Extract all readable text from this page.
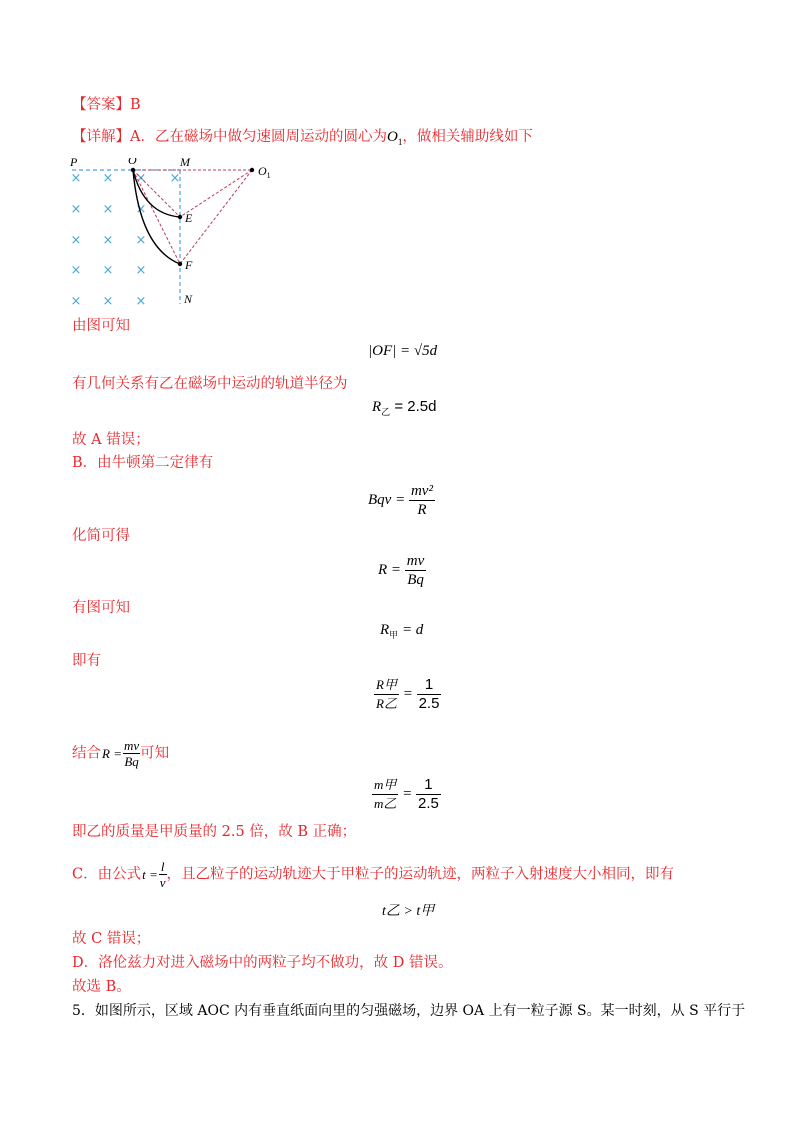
【答案】B
【详解】A．乙在磁场中做匀速圆周运动的圆心为$O_1$，做相关辅助线如下
× × × ×
× × ×
× × ×
× × ×
× × ×
P	O	M
$O_1$
E
F
N
由图可知
|OF| = √5d
有几何关系有乙在磁场中运动的轨道半径为
$R_乙 = 2.5d$
故 A 错误；
B．由牛顿第二定律有
Bqv = $\frac{\text{mv²}}{R}$
化简可得
$R = \frac{mv}{Bq}$
有图可知
$R_甲 = d$
即有
$\frac{\text{R甲}}{\text{R乙}} = \frac{1}{2.5}$
结合$R = \frac{mv}{Bq}$ 可知
$\frac{\text{m甲}}{\text{m乙}} = \frac{1}{2.5}$
即乙的质量是甲质量的 2.5 倍，故 B 正确；
C．由公式$t = \frac{l}{v}$ ，且乙粒子的运动轨迹大于甲粒子的运动轨迹，两粒子入射速度大小相同，即有
t乙 > t甲
故 C 错误；
D．洛伦兹力对进入磁场中的两粒子均不做功，故 D 错误。
故选 B。
5．如图所示，区域 AOC 内有垂直纸面向里的匀强磁场，边界 OA 上有一粒子源 S。某一时刻，从 S 平行于
